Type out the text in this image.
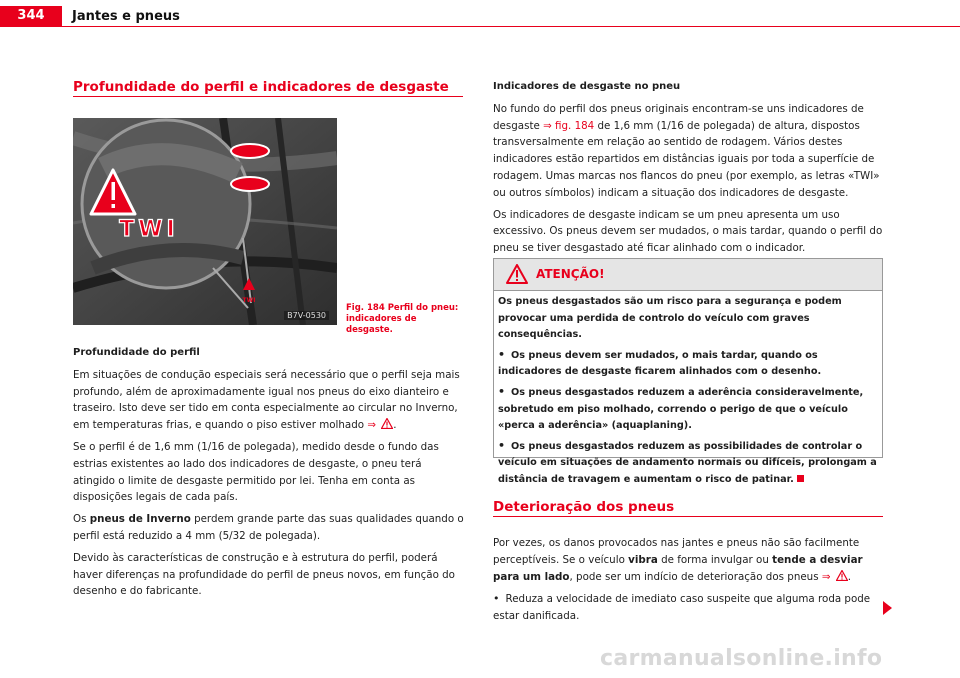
344	Jantes e pneus
Profundidade do perfil e indicadores de desgaste
TWI
TWI
B7V-0530
Fig. 184 Perfil do pneu: indicadores de desgaste.

Profundidade do perfil

Em situações de condução especiais será necessário que o perfil seja mais profundo, além de aproximadamente igual nos pneus do eixo dianteiro e traseiro. Isto deve ser tido em conta especialmente ao circular no Inverno, em temperaturas frias, e quando o piso estiver molhado ⇒ .

Se o perfil é de 1,6 mm (1/16 de polegada), medido desde o fundo das estrias existentes ao lado dos indicadores de desgaste, o pneu terá atingido o limite de desgaste permitido por lei. Tenha em conta as disposições legais de cada país.

Os pneus de Inverno perdem grande parte das suas qualidades quando o perfil está reduzido a 4 mm (5/32 de polegada).

Devido às características de construção e à estrutura do perfil, poderá haver diferenças na profundidade do perfil de pneus novos, em função do desenho e do fabricante.

Indicadores de desgaste no pneu

No fundo do perfil dos pneus originais encontram-se uns indicadores de desgaste ⇒ fig. 184 de 1,6 mm (1/16 de polegada) de altura, dispostos transversalmente em relação ao sentido de rodagem. Vários destes indicadores estão repartidos em distâncias iguais por toda a superfície de rodagem. Umas marcas nos flancos do pneu (por exemplo, as letras «TWI» ou outros símbolos) indicam a situação dos indicadores de desgaste.

Os indicadores de desgaste indicam se um pneu apresenta um uso excessivo. Os pneus devem ser mudados, o mais tardar, quando o perfil do pneu se tiver desgastado até ficar alinhado com o indicador.

ATENÇÃO!

Os pneus desgastados são um risco para a segurança e podem provocar uma perdida de controlo do veículo com graves consequências.

• Os pneus devem ser mudados, o mais tardar, quando os indicadores de desgaste ficarem alinhados com o desenho.

• Os pneus desgastados reduzem a aderência consideravelmente, sobretudo em piso molhado, correndo o perigo de que o veículo «perca a aderência» (aquaplaning).

• Os pneus desgastados reduzem as possibilidades de controlar o veículo em situações de andamento normais ou difíceis, prolongam a distância de travagem e aumentam o risco de patinar.

Deterioração dos pneus

Por vezes, os danos provocados nas jantes e pneus não são facilmente perceptíveis. Se o veículo vibra de forma invulgar ou tende a desviar para um lado, pode ser um indício de deterioração dos pneus ⇒ .

• Reduza a velocidade de imediato caso suspeite que alguma roda pode estar danificada.

carmanualsonline.info
